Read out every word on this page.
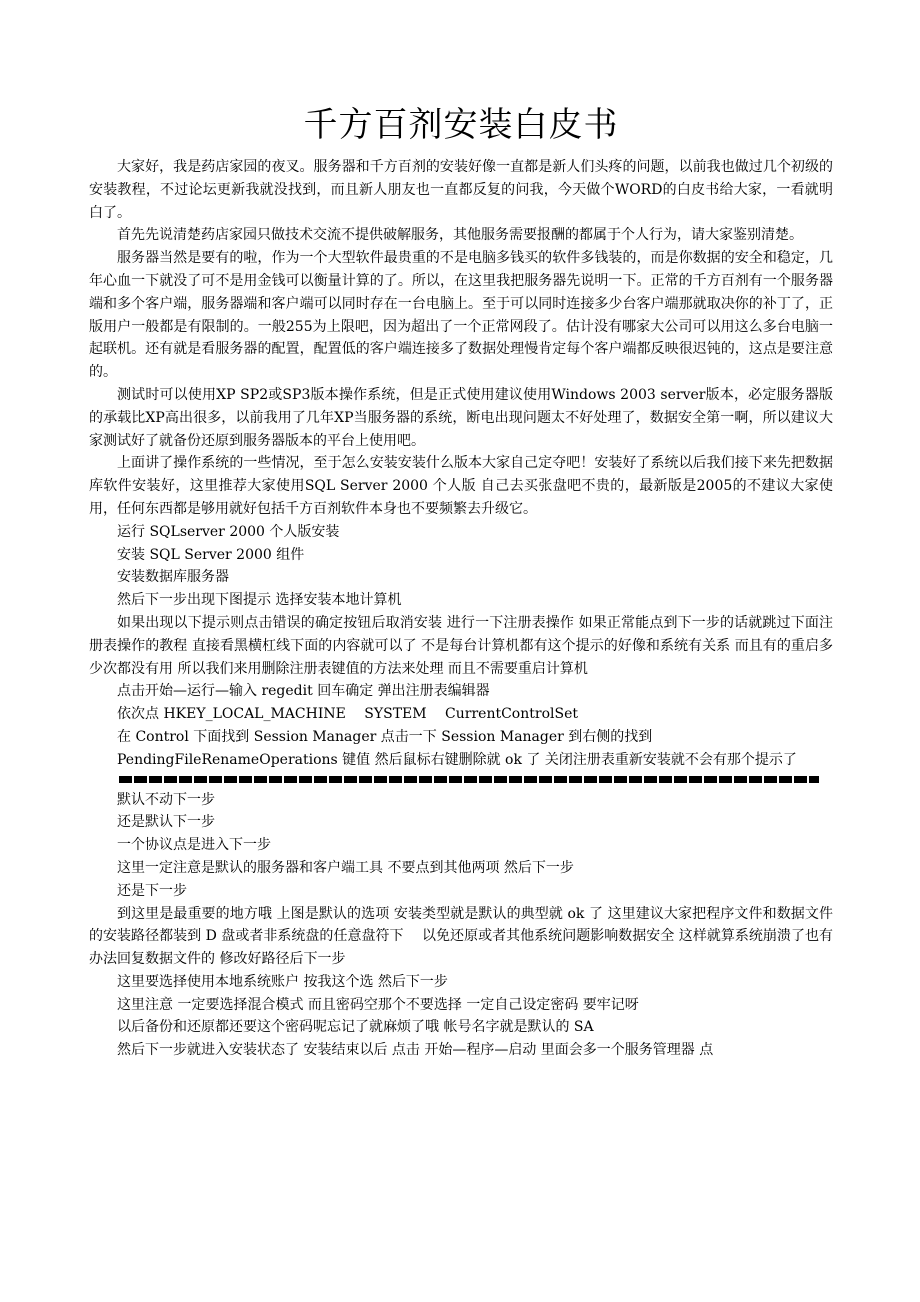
千方百剂安装白皮书

大家好，我是药店家园的夜叉。服务器和千方百剂的安装好像一直都是新人们头疼的问题，以前我也做过几个初级的安装教程，不过论坛更新我就没找到，而且新人朋友也一直都反复的问我，今天做个WORD的白皮书给大家，一看就明白了。

首先先说清楚药店家园只做技术交流不提供破解服务，其他服务需要报酬的都属于个人行为，请大家鉴别清楚。

服务器当然是要有的啦，作为一个大型软件最贵重的不是电脑多钱买的软件多钱装的，而是你数据的安全和稳定，几年心血一下就没了可不是用金钱可以衡量计算的了。所以，在这里我把服务器先说明一下。正常的千方百剂有一个服务器端和多个客户端，服务器端和客户端可以同时存在一台电脑上。至于可以同时连接多少台客户端那就取决你的补丁了，正版用户一般都是有限制的。一般255为上限吧，因为超出了一个正常网段了。估计没有哪家大公司可以用这么多台电脑一起联机。还有就是看服务器的配置，配置低的客户端连接多了数据处理慢肯定每个客户端都反映很迟钝的，这点是要注意的。

测试时可以使用XP SP2或SP3版本操作系统，但是正式使用建议使用Windows 2003 server版本，必定服务器版的承载比XP高出很多，以前我用了几年XP当服务器的系统，断电出现问题太不好处理了，数据安全第一啊，所以建议大家测试好了就备份还原到服务器版本的平台上使用吧。

上面讲了操作系统的一些情况，至于怎么安装安装什么版本大家自己定夺吧！安装好了系统以后我们接下来先把数据库软件安装好，这里推荐大家使用SQL Server 2000 个人版 自己去买张盘吧不贵的，最新版是2005的不建议大家使用，任何东西都是够用就好包括千方百剂软件本身也不要频繁去升级它。

运行 SQLserver 2000 个人版安装

安装 SQL Server 2000 组件

安装数据库服务器

然后下一步出现下图提示 选择安装本地计算机

如果出现以下提示则点击错误的确定按钮后取消安装 进行一下注册表操作 如果正常能点到下一步的话就跳过下面注册表操作的教程 直接看黑横杠线下面的内容就可以了 不是每台计算机都有这个提示的好像和系统有关系 而且有的重启多少次都没有用 所以我们来用删除注册表键值的方法来处理 而且不需要重启计算机

点击开始—运行—输入 regedit 回车确定 弹出注册表编辑器

依次点 HKEY_LOCAL_MACHINE　 SYSTEM　 CurrentControlSet

在 Control 下面找到 Session Manager 点击一下 Session Manager 到右侧的找到

PendingFileRenameOperations 键值 然后鼠标右键删除就 ok 了 关闭注册表重新安装就不会有那个提示了

默认不动下一步

还是默认下一步

一个协议点是进入下一步

这里一定注意是默认的服务器和客户端工具 不要点到其他两项 然后下一步

还是下一步

到这里是最重要的地方哦 上图是默认的选项 安装类型就是默认的典型就 ok 了 这里建议大家把程序文件和数据文件的安装路径都装到 D 盘或者非系统盘的任意盘符下　 以免还原或者其他系统问题影响数据安全 这样就算系统崩溃了也有办法回复数据文件的 修改好路径后下一步

这里要选择使用本地系统账户 按我这个选 然后下一步

这里注意 一定要选择混合模式 而且密码空那个不要选择 一定自己设定密码 要牢记呀

以后备份和还原都还要这个密码呢忘记了就麻烦了哦 帐号名字就是默认的 SA

然后下一步就进入安装状态了 安装结束以后 点击 开始—程序—启动 里面会多一个服务管理器 点
